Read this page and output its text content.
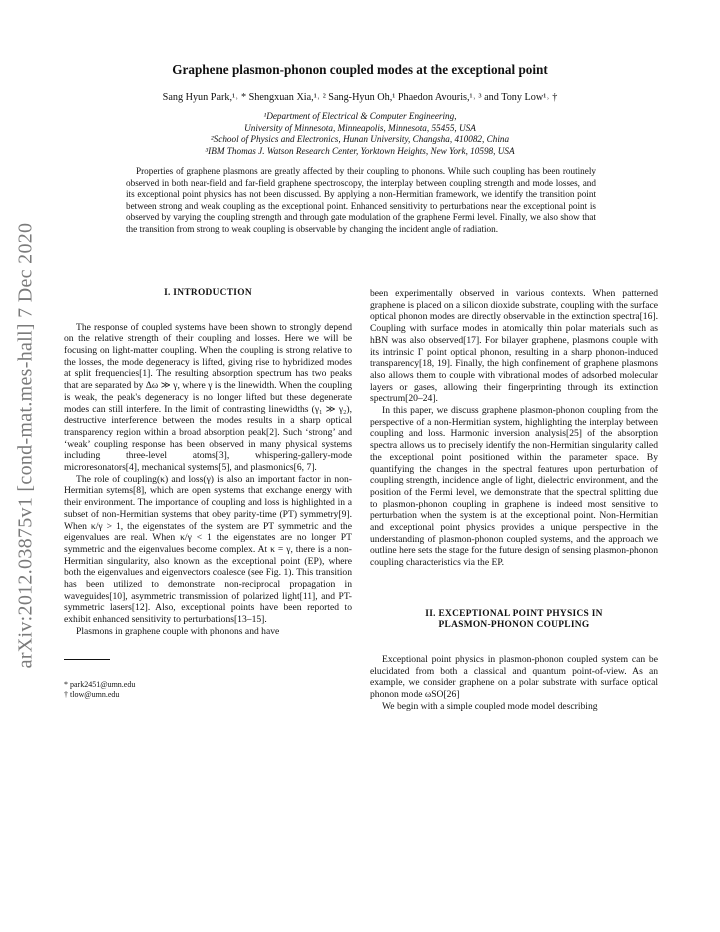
arXiv:2012.03875v1 [cond-mat.mes-hall] 7 Dec 2020
Graphene plasmon-phonon coupled modes at the exceptional point
Sang Hyun Park,¹˒ * Shengxuan Xia,¹˒ ² Sang-Hyun Oh,¹ Phaedon Avouris,¹˒ ³ and Tony Low¹˒ †
¹Department of Electrical & Computer Engineering,
University of Minnesota, Minneapolis, Minnesota, 55455, USA
²School of Physics and Electronics, Hunan University, Changsha, 410082, China
³IBM Thomas J. Watson Research Center, Yorktown Heights, New York, 10598, USA
Properties of graphene plasmons are greatly affected by their coupling to phonons. While such coupling has been routinely observed in both near-field and far-field graphene spectroscopy, the interplay between coupling strength and mode losses, and its exceptional point physics has not been discussed. By applying a non-Hermitian framework, we identify the transition point between strong and weak coupling as the exceptional point. Enhanced sensitivity to perturbations near the exceptional point is observed by varying the coupling strength and through gate modulation of the graphene Fermi level. Finally, we also show that the transition from strong to weak coupling is observable by changing the incident angle of radiation.
I. INTRODUCTION

The response of coupled systems have been shown to strongly depend on the relative strength of their coupling and losses. Here we will be focusing on light-matter coupling. When the coupling is strong relative to the losses, the mode degeneracy is lifted, giving rise to hybridized modes at split frequencies[1]. The resulting absorption spectrum has two peaks that are separated by Δω ≫ γ, where γ is the linewidth. When the coupling is weak, the peak's degeneracy is no longer lifted but these degenerate modes can still interfere. In the limit of contrasting linewidths (γ₁ ≫ γ₂), destructive interference between the modes results in a sharp optical transparency region within a broad absorption peak[2]. Such ‘strong’ and ‘weak’ coupling response has been observed in many physical systems including three-level atoms[3], whispering-gallery-mode microresonators[4], mechanical systems[5], and plasmonics[6, 7].

The role of coupling(κ) and loss(γ) is also an important factor in non-Hermitian sytems[8], which are open systems that exchange energy with their environment. The importance of coupling and loss is highlighted in a subset of non-Hermitian systems that obey parity-time (PT) symmetry[9]. When κ/γ > 1, the eigenstates of the system are PT symmetric and the eigenvalues are real. When κ/γ < 1 the eigenstates are no longer PT symmetric and the eigenvalues become complex. At κ = γ, there is a non-Hermitian singularity, also known as the exceptional point (EP), where both the eigenvalues and eigenvectors coalesce (see Fig. 1). This transition has been utilized to demonstrate non-reciprocal propagation in waveguides[10], asymmetric transmission of polarized light[11], and PT-symmetric lasers[12]. Also, exceptional points have been reported to exhibit enhanced sensitivity to perturbations[13–15].

Plasmons in graphene couple with phonons and have

* park2451@umn.edu
† tlow@umn.edu

been experimentally observed in various contexts. When patterned graphene is placed on a silicon dioxide substrate, coupling with the surface optical phonon modes are directly observable in the extinction spectra[16]. Coupling with surface modes in atomically thin polar materials such as hBN was also observed[17]. For bilayer graphene, plasmons couple with its intrinsic Γ point optical phonon, resulting in a sharp phonon-induced transparency[18, 19]. Finally, the high confinement of graphene plasmons also allows them to couple with vibrational modes of adsorbed molecular layers or gases, allowing their fingerprinting through its extinction spectrum[20–24].

In this paper, we discuss graphene plasmon-phonon coupling from the perspective of a non-Hermitian system, highlighting the interplay between coupling and loss. Harmonic inversion analysis[25] of the absorption spectra allows us to precisely identify the non-Hermitian singularity called the exceptional point positioned within the parameter space. By quantifying the changes in the spectral features upon perturbation of coupling strength, incidence angle of light, dielectric environment, and the position of the Fermi level, we demonstrate that the spectral splitting due to plasmon-phonon coupling in graphene is indeed most sensitive to perturbation when the system is at the exceptional point. Non-Hermitian and exceptional point physics provides a unique perspective in the understanding of plasmon-phonon coupled systems, and the approach we outline here sets the stage for the future design of sensing plasmon-phonon coupling characteristics via the EP.

II. EXCEPTIONAL POINT PHYSICS IN
PLASMON-PHONON COUPLING

Exceptional point physics in plasmon-phonon coupled system can be elucidated from both a classical and quantum point-of-view. As an example, we consider graphene on a polar substrate with surface optical phonon mode ωSO[26]

We begin with a simple coupled mode model describing
